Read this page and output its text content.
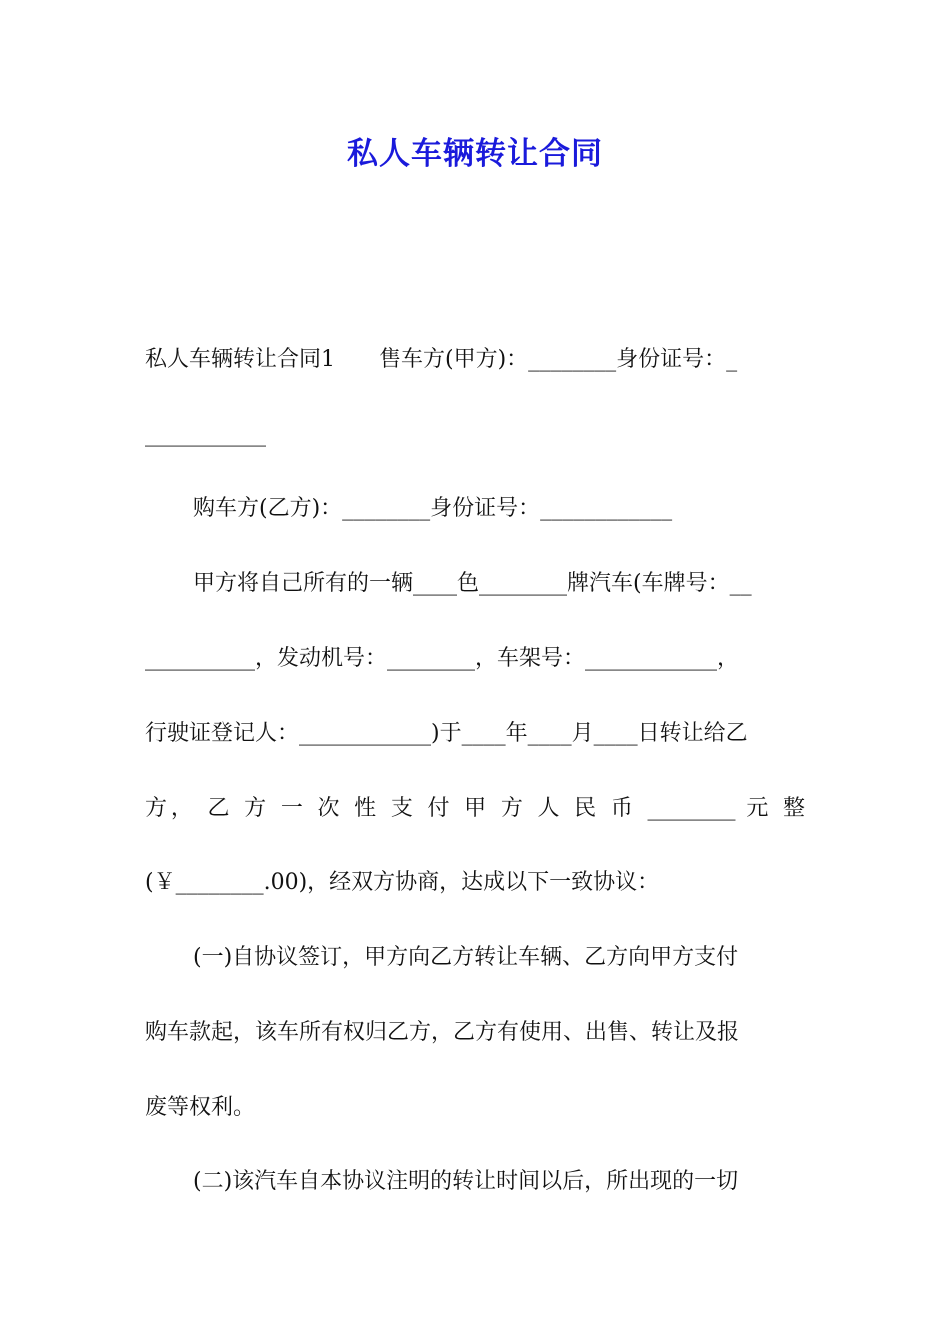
私人车辆转让合同
私人车辆转让合同1　　售车方(甲方)：________身份证号：_
___________
购车方(乙方)：________身份证号：____________
甲方将自己所有的一辆____色________牌汽车(车牌号：__
__________，发动机号：________，车架号：____________，
行驶证登记人：____________)于____年____月____日转让给乙
方， 乙 方 一 次 性 支 付 甲 方 人 民 币 ________ 元 整
(￥________.00)，经双方协商，达成以下一致协议：
(一)自协议签订，甲方向乙方转让车辆、乙方向甲方支付
购车款起，该车所有权归乙方，乙方有使用、出售、转让及报
废等权利。
(二)该汽车自本协议注明的转让时间以后，所出现的一切
